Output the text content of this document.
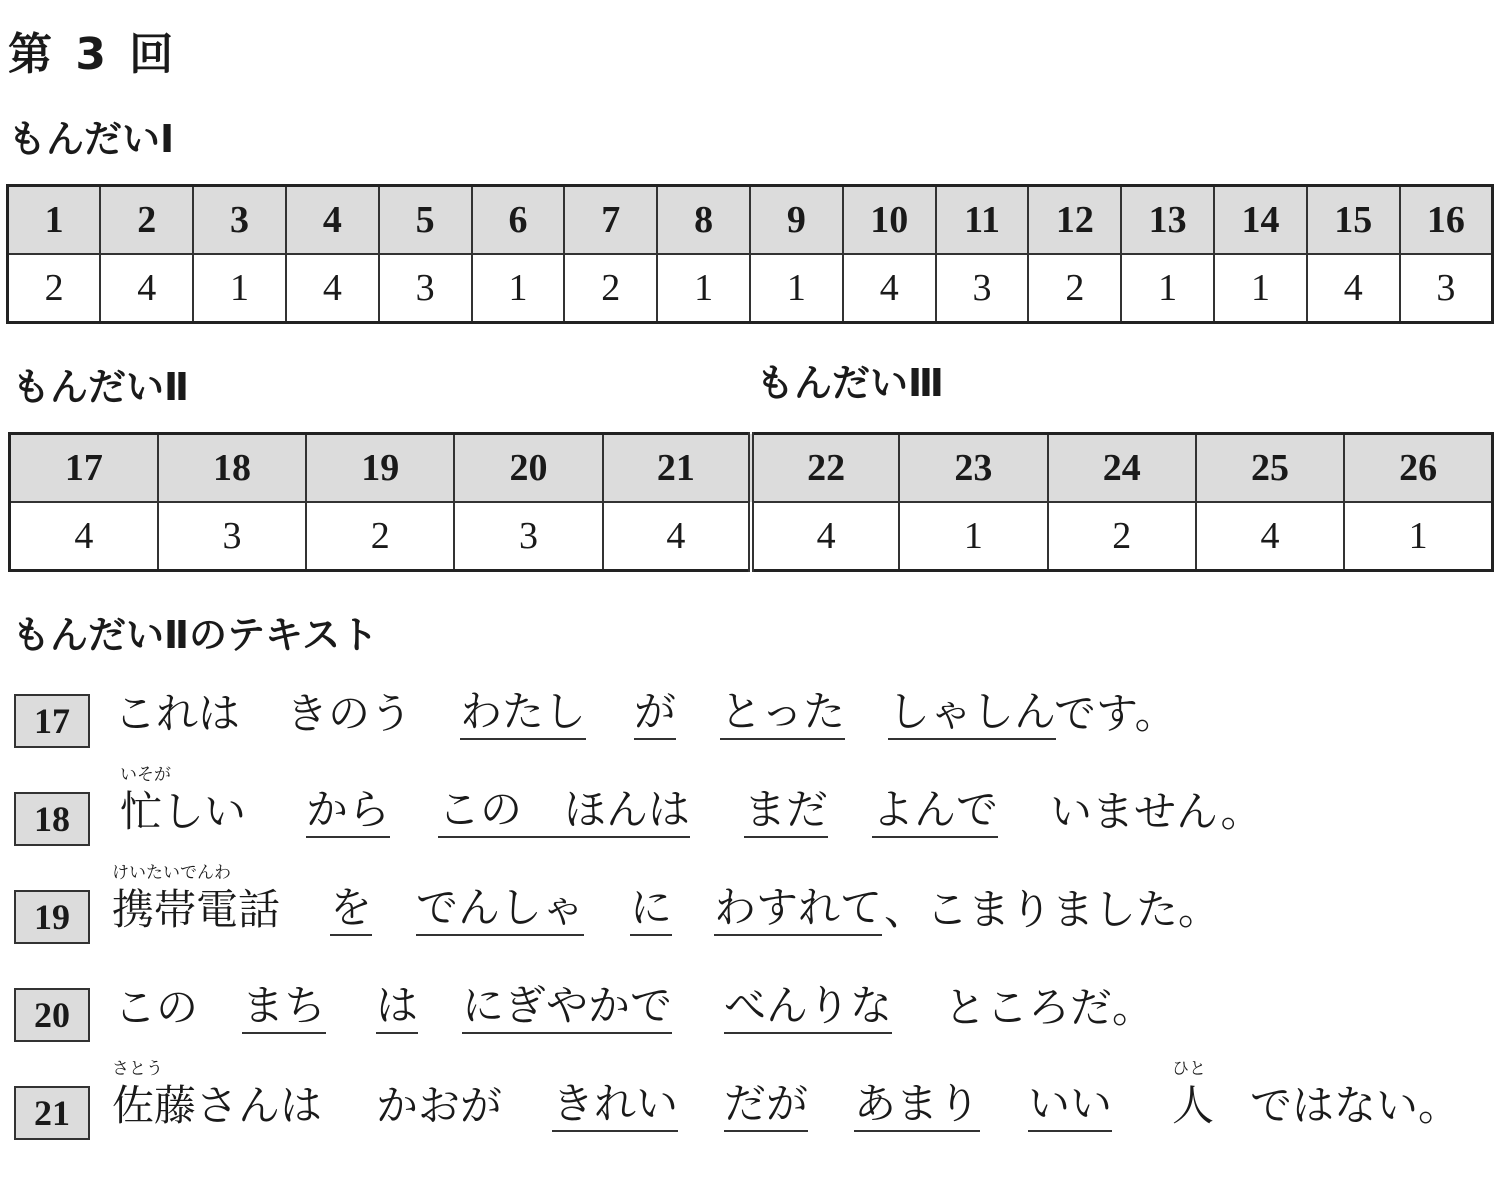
第 3 回
もんだいⅠ
1	2	3	4	5	6	7	8	9	10	11	12	13	14	15	16
2	4	1	4	3	1	2	1	1	4	3	2	1	1	4	3
もんだいⅡ	もんだいⅢ
17	18	19	20	21	22	23	24	25	26
4	3	2	3	4	4	1	2	4	1
もんだいⅡのテキスト
17	これは きのう わたし が とった しゃしん
です。
18	忙しい
いそが
から この　ほんは まだ よんで いません。
19	携帯電話
けいたいでんわ
を でんしゃ に わすれて 、こまりました。
20	この まち は にぎやかで べんりな ところだ。
21	佐藤さんは
さとう
かおが きれい だが あまり いい 人
ひと
ではない。
